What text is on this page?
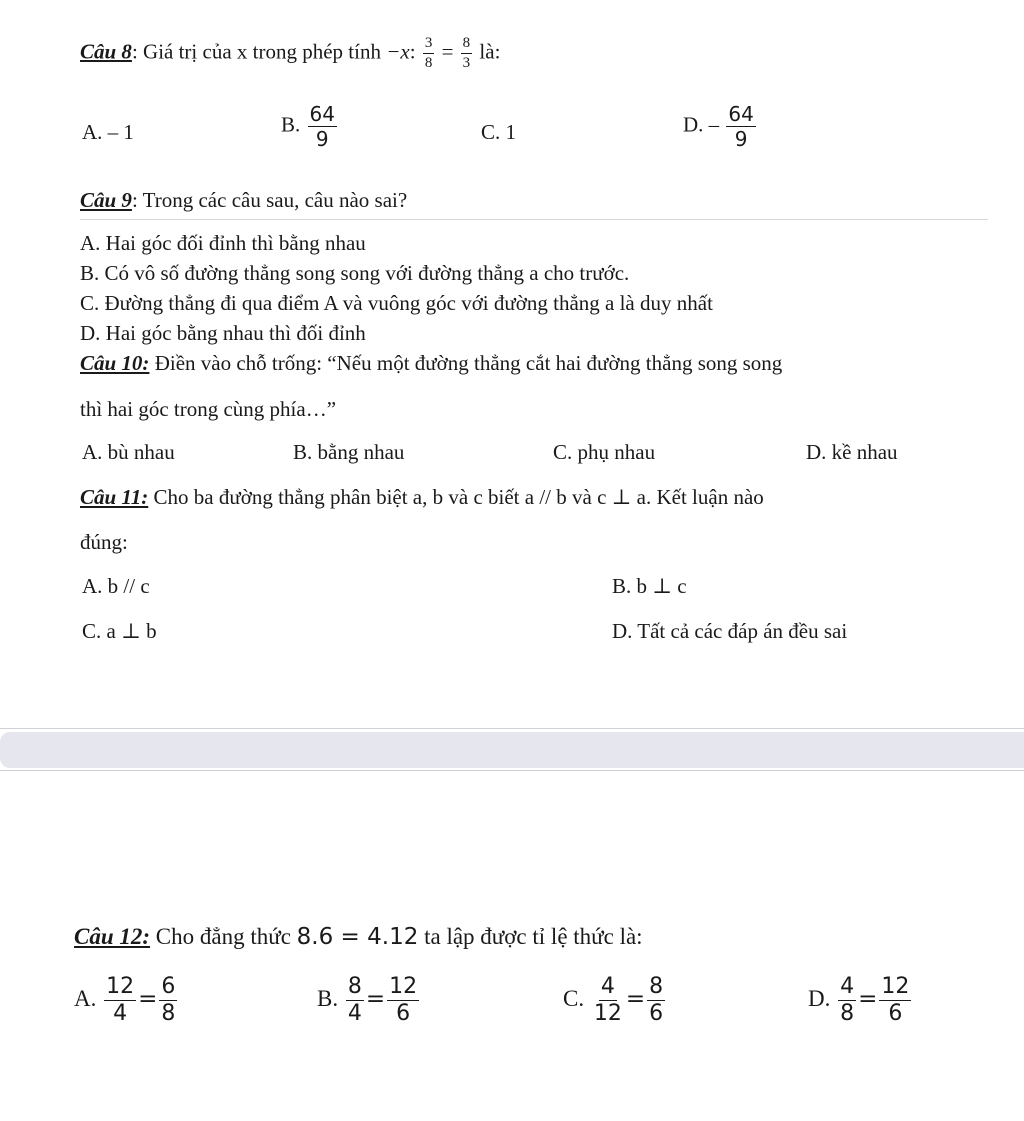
Câu 8: Giá trị của x trong phép tính −x: $\frac{3}{8} = \frac{8}{3}$ là:
A. – 1	B. $\frac{64}{9}$	C. 1	D. – $\frac{64}{9}$
Câu 9: Trong các câu sau, câu nào sai?
A. Hai góc đối đỉnh thì bằng nhau
B. Có vô số đường thẳng song song với đường thẳng a cho trước.
C. Đường thẳng đi qua điểm A và vuông góc với đường thẳng a là duy nhất
D. Hai góc bằng nhau thì đối đỉnh
Câu 10: Điền vào chỗ trống: “Nếu một đường thẳng cắt hai đường thẳng song song
thì hai góc trong cùng phía…”
A. bù nhau	B. bằng nhau	C. phụ nhau	D. kề nhau
Câu 11: Cho ba đường thẳng phân biệt a, b và c biết a // b và c ⊥ a. Kết luận nào
đúng:
A. b // c	B. b ⊥ c
C. a ⊥ b	D. Tất cả các đáp án đều sai
Câu 12: Cho đẳng thức 8.6 = 4.12 ta lập được tỉ lệ thức là:
A. $\frac{12}{4} = \frac{6}{8}$	B. $\frac{8}{4} = \frac{12}{6}$	C. $\frac{4}{12} = \frac{8}{6}$	D. $\frac{4}{8} = \frac{12}{6}$
